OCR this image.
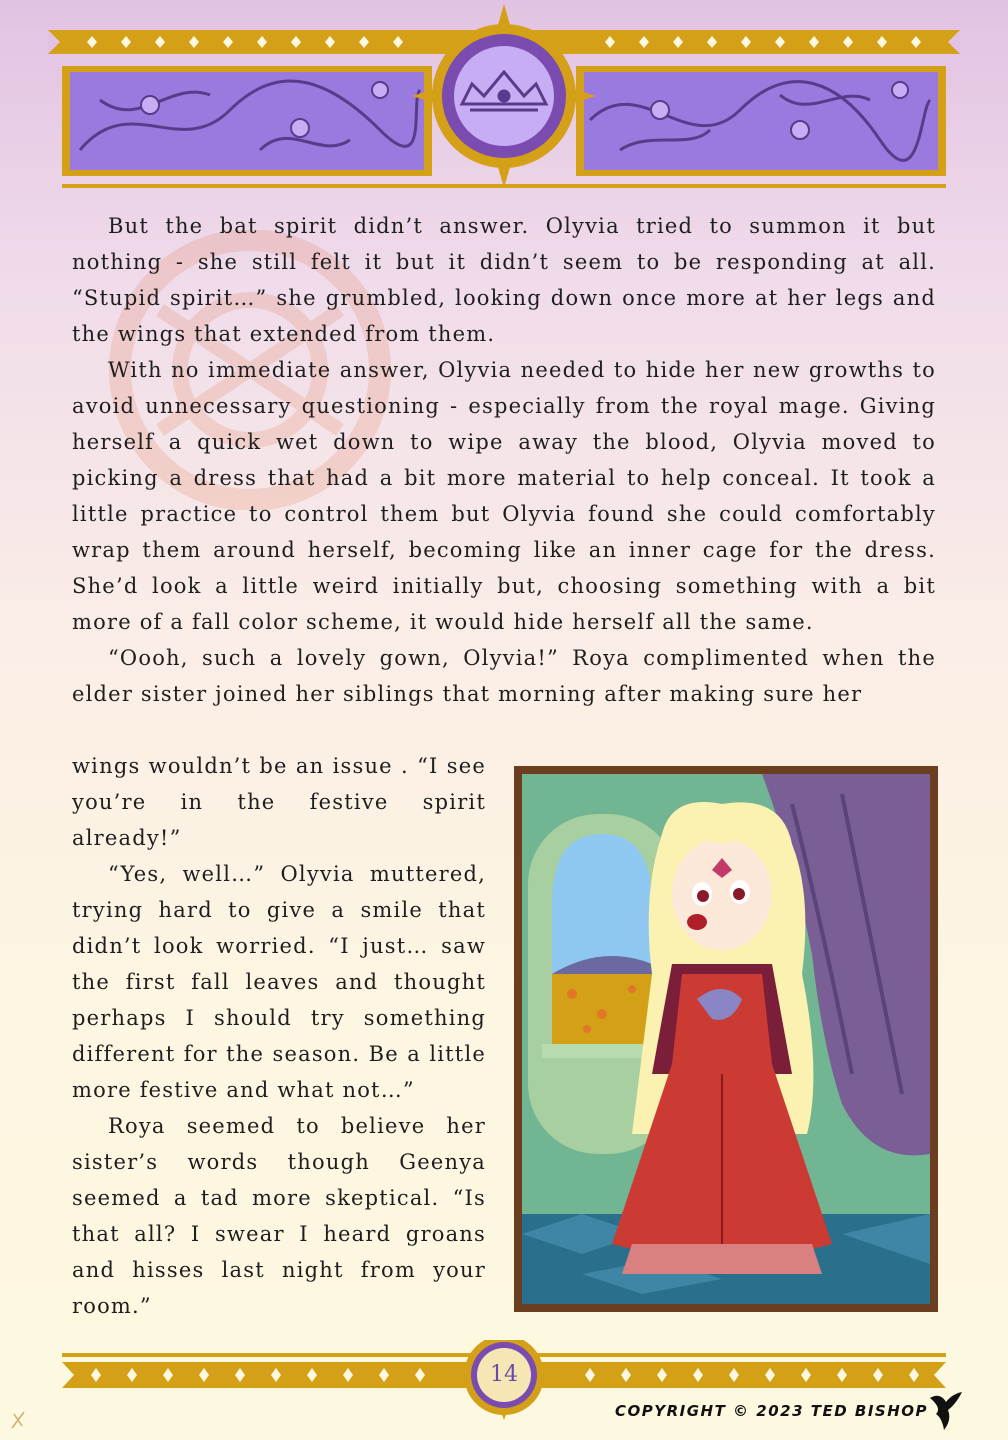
But the bat spirit didn’t answer. Olyvia tried to summon it but nothing - she still felt it but it didn’t seem to be responding at all. “Stupid spirit…” she grumbled, looking down once more at her legs and the wings that extended from them.

With no immediate answer, Olyvia needed to hide her new growths to avoid unnecessary questioning - especially from the royal mage. Giving herself a quick wet down to wipe away the blood, Olyvia moved to picking a dress that had a bit more material to help conceal. It took a little practice to control them but Olyvia found she could comfortably wrap them around herself, becoming like an inner cage for the dress. She’d look a little weird initially but, choosing something with a bit more of a fall color scheme, it would hide herself all the same.

“Oooh, such a lovely gown, Olyvia!” Roya complimented when the elder sister joined her siblings that morning after making sure her

wings wouldn’t be an issue . “I see you’re in the festive spirit already!”

“Yes, well…” Olyvia muttered, trying hard to give a smile that didn’t look worried. “I just… saw the first fall leaves and thought perhaps I should try something different for the season. Be a little more festive and what not…”

Roya seemed to believe her sister’s words though Geenya seemed a tad more skeptical. “Is that all? I swear I heard groans and hisses last night from your room.”

14
COPYRIGHT © 2023 TED BISHOP
